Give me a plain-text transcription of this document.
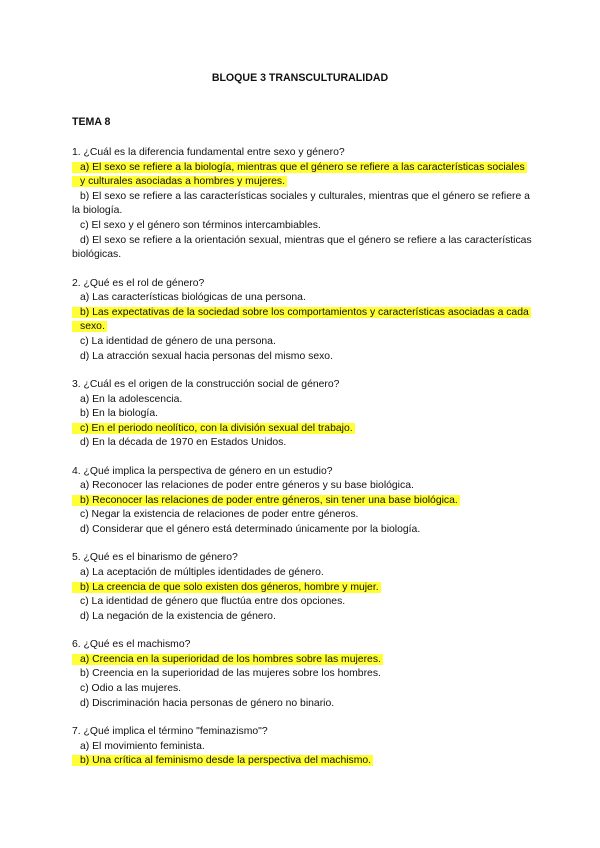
BLOQUE 3 TRANSCULTURALIDAD
TEMA 8
1. ¿Cuál es la diferencia fundamental entre sexo y género?
a) El sexo se refiere a la biología, mientras que el género se refiere a las características sociales y culturales asociadas a hombres y mujeres.
b) El sexo se refiere a las características sociales y culturales, mientras que el género se refiere a la biología.
c) El sexo y el género son términos intercambiables.
d) El sexo se refiere a la orientación sexual, mientras que el género se refiere a las características biológicas.
2. ¿Qué es el rol de género?
a) Las características biológicas de una persona.
b) Las expectativas de la sociedad sobre los comportamientos y características asociadas a cada sexo.
c) La identidad de género de una persona.
d) La atracción sexual hacia personas del mismo sexo.
3. ¿Cuál es el origen de la construcción social de género?
a) En la adolescencia.
b) En la biología.
c) En el periodo neolítico, con la división sexual del trabajo.
d) En la década de 1970 en Estados Unidos.
4. ¿Qué implica la perspectiva de género en un estudio?
a) Reconocer las relaciones de poder entre géneros y su base biológica.
b) Reconocer las relaciones de poder entre géneros, sin tener una base biológica.
c) Negar la existencia de relaciones de poder entre géneros.
d) Considerar que el género está determinado únicamente por la biología.
5. ¿Qué es el binarismo de género?
a) La aceptación de múltiples identidades de género.
b) La creencia de que solo existen dos géneros, hombre y mujer.
c) La identidad de género que fluctúa entre dos opciones.
d) La negación de la existencia de género.
6. ¿Qué es el machismo?
a) Creencia en la superioridad de los hombres sobre las mujeres.
b) Creencia en la superioridad de las mujeres sobre los hombres.
c) Odio a las mujeres.
d) Discriminación hacia personas de género no binario.
7. ¿Qué implica el término "feminazismo"?
a) El movimiento feminista.
b) Una crítica al feminismo desde la perspectiva del machismo.
